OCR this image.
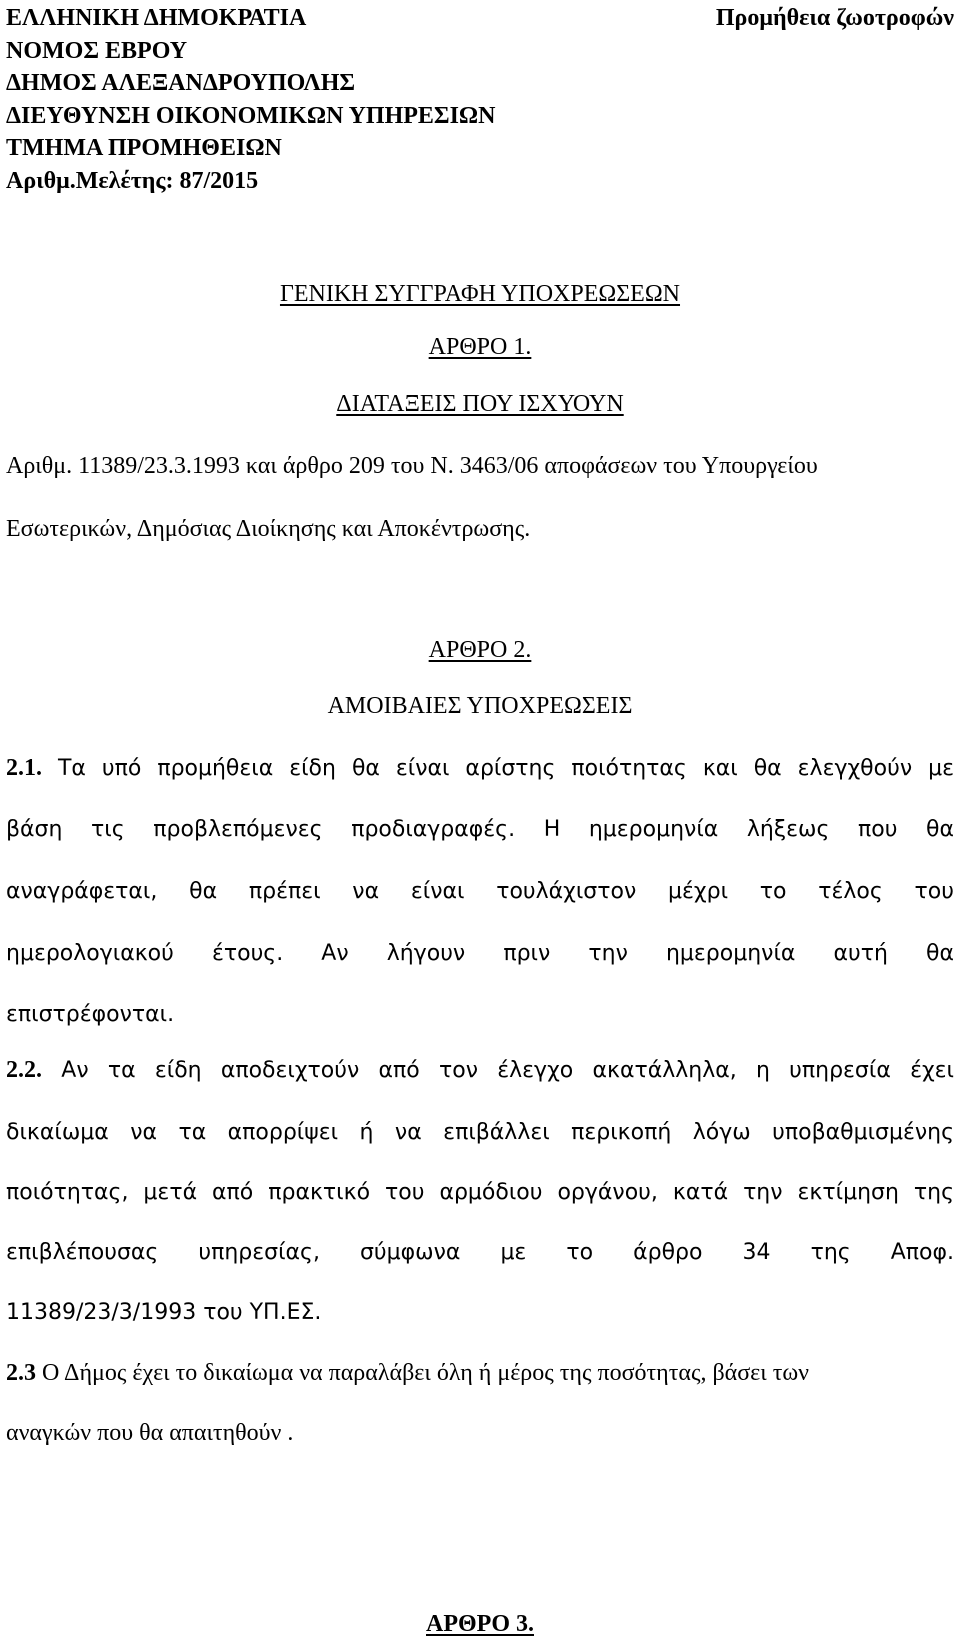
ΕΛΛΗΝΙΚΗ ΔΗΜΟΚΡΑΤΙΑ
ΝΟΜΟΣ ΕΒΡΟΥ
ΔΗΜΟΣ ΑΛΕΞΑΝΔΡΟΥΠΟΛΗΣ
ΔΙΕΥΘΥΝΣΗ ΟΙΚΟΝΟΜΙΚΩΝ ΥΠΗΡΕΣΙΩΝ
ΤΜΗΜΑ ΠΡΟΜΗΘΕΙΩΝ
Αριθμ.Μελέτης: 87/2015
Προμήθεια ζωοτροφών
ΓΕΝΙΚΗ ΣΥΓΓΡΑΦΗ ΥΠΟΧΡΕΩΣΕΩΝ
ΑΡΘΡΟ 1.
ΔΙΑΤΑΞΕΙΣ ΠΟΥ ΙΣΧΥΟΥΝ
Αριθμ. 11389/23.3.1993 και άρθρο 209 του Ν. 3463/06 αποφάσεων του Υπουργείου
Εσωτερικών, Δημόσιας Διοίκησης και Αποκέντρωσης.
ΑΡΘΡΟ 2.
ΑΜΟΙΒΑΙΕΣ ΥΠΟΧΡΕΩΣΕΙΣ
2.1. Τα υπό προμήθεια είδη θα είναι αρίστης ποιότητας και θα ελεγχθούν με
βάση τις προβλεπόμενες προδιαγραφές. Η ημερομηνία λήξεως που θα
αναγράφεται, θα πρέπει να είναι τουλάχιστον μέχρι το τέλος του
ημερολογιακού έτους. Αν λήγουν πριν την ημερομηνία αυτή θα
επιστρέφονται.
2.2. Αν τα είδη αποδειχτούν από τον έλεγχο ακατάλληλα, η υπηρεσία έχει
δικαίωμα να τα απορρίψει ή να επιβάλλει περικοπή λόγω υποβαθμισμένης
ποιότητας, μετά από πρακτικό του αρμόδιου οργάνου, κατά την εκτίμηση της
επιβλέπουσας υπηρεσίας, σύμφωνα με το άρθρο 34 της Αποφ.
11389/23/3/1993 του ΥΠ.ΕΣ.
2.3 Ο Δήμος έχει το δικαίωμα να παραλάβει όλη ή μέρος της ποσότητας, βάσει των
αναγκών που θα απαιτηθούν .
ΑΡΘΡΟ 3.
